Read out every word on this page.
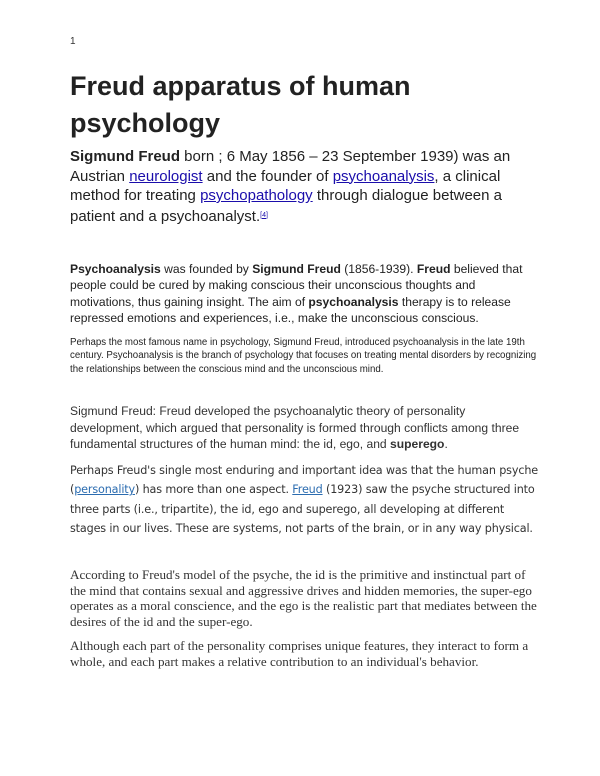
1
Freud apparatus of human psychology

Sigmund Freud born ; 6 May 1856 – 23 September 1939) was an Austrian neurologist and the founder of psychoanalysis, a clinical method for treating psychopathology through dialogue between a patient and a psychoanalyst.[4]

Psychoanalysis was founded by Sigmund Freud (1856-1939). Freud believed that people could be cured by making conscious their unconscious thoughts and motivations, thus gaining insight. The aim of psychoanalysis therapy is to release repressed emotions and experiences, i.e., make the unconscious conscious.

Perhaps the most famous name in psychology, Sigmund Freud, introduced psychoanalysis in the late 19th century. Psychoanalysis is the branch of psychology that focuses on treating mental disorders by recognizing the relationships between the conscious mind and the unconscious mind.

Sigmund Freud: Freud developed the psychoanalytic theory of personality development, which argued that personality is formed through conflicts among three fundamental structures of the human mind: the id, ego, and superego.

Perhaps Freud's single most enduring and important idea was that the human psyche (personality) has more than one aspect. Freud (1923) saw the psyche structured into three parts (i.e., tripartite), the id, ego and superego, all developing at different stages in our lives. These are systems, not parts of the brain, or in any way physical.

According to Freud's model of the psyche, the id is the primitive and instinctual part of the mind that contains sexual and aggressive drives and hidden memories, the super-ego operates as a moral conscience, and the ego is the realistic part that mediates between the desires of the id and the super-ego.

Although each part of the personality comprises unique features, they interact to form a whole, and each part makes a relative contribution to an individual's behavior.
